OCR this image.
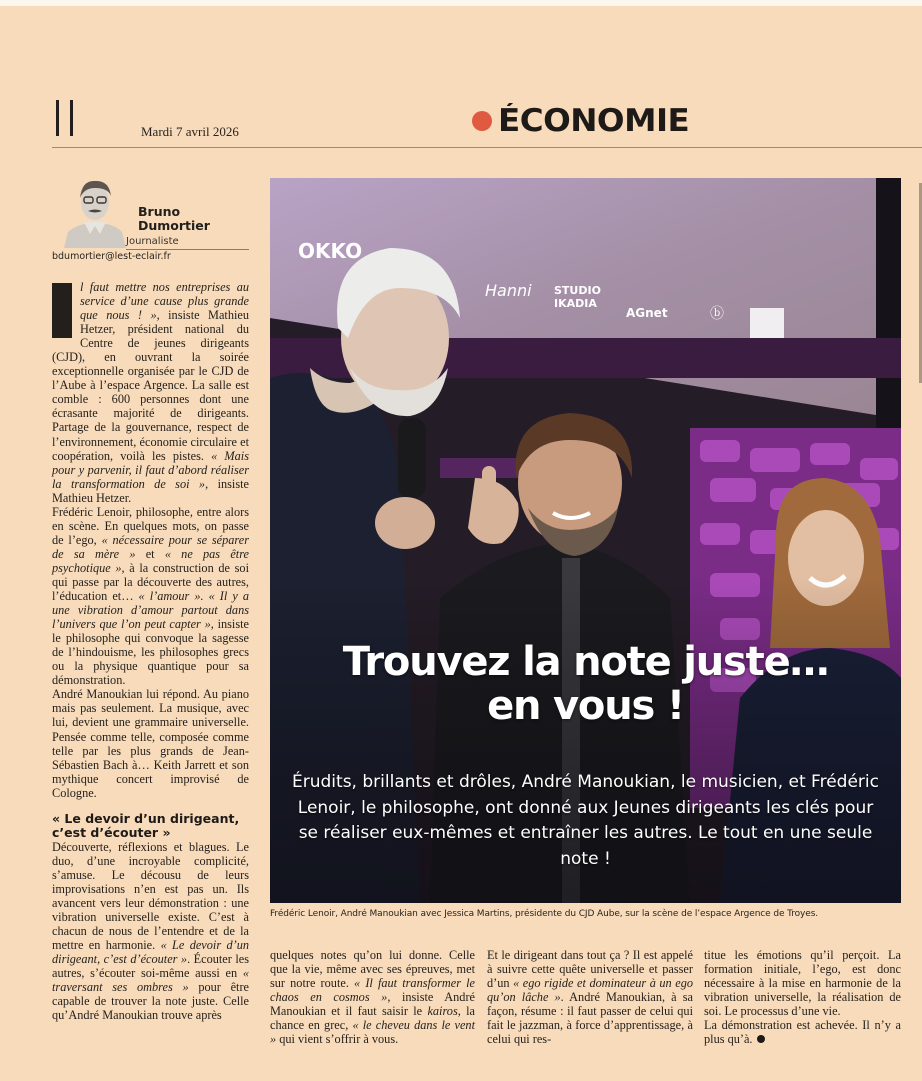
Mardi 7 avril 2026	ÉCONOMIE
Bruno
Dumortier
Journaliste
bdumortier@lest-eclair.fr

l faut mettre nos entreprises au service d’une cause plus grande que nous ! », insiste Mathieu Hetzer, président national du Centre de jeunes dirigeants (CJD), en ouvrant la soirée exceptionnelle organisée par le CJD de l’Aube à l’espace Argence. La salle est comble : 600 personnes dont une écrasante majorité de dirigeants. Partage de la gouvernance, respect de l’environnement, économie circulaire et coopération, voilà les pistes. « Mais pour y parvenir, il faut d’abord réaliser la transformation de soi », insiste Mathieu Hetzer.

Frédéric Lenoir, philosophe, entre alors en scène. En quelques mots, on passe de l’ego, « nécessaire pour se séparer de sa mère » et « ne pas être psychotique », à la construction de soi qui passe par la découverte des autres, l’éducation et… « l’amour ». « Il y a une vibration d’amour partout dans l’univers que l’on peut capter », insiste le philosophe qui convoque la sagesse de l’hindouisme, les philosophes grecs ou la physique quantique pour sa démonstration.

André Manoukian lui répond. Au piano mais pas seulement. La musique, avec lui, devient une grammaire universelle. Pensée comme telle, composée comme telle par les plus grands de Jean-Sébastien Bach à… Keith Jarrett et son mythique concert improvisé de Cologne.

« Le devoir d’un dirigeant, c’est d’écouter »

Découverte, réflexions et blagues. Le duo, d’une incroyable complicité, s’amuse. Le décousu de leurs improvisations n’en est pas un. Ils avancent vers leur démonstration : une vibration universelle existe. C’est à chacun de nous de l’entendre et de la mettre en harmonie. « Le devoir d’un dirigeant, c’est d’écouter ». Écouter les autres, s’écouter soi-même aussi en « traversant ses ombres » pour être capable de trouver la note juste. Celle qu’André Manoukian trouve après

Trouvez la note juste…
en vous !
Érudits, brillants et drôles, André Manoukian, le musicien, et Frédéric Lenoir, le philosophe, ont donné aux Jeunes dirigeants les clés pour se réaliser eux-mêmes et entraîner les autres. Le tout en une seule note !
Frédéric Lenoir, André Manoukian avec Jessica Martins, présidente du CJD Aube, sur la scène de l’espace Argence de Troyes.

quelques notes qu’on lui donne. Celle que la vie, même avec ses épreuves, met sur notre route. « Il faut transformer le chaos en cosmos », insiste André Manoukian et il faut saisir le kairos, la chance en grec, « le cheveu dans le vent » qui vient s’offrir à vous.

Et le dirigeant dans tout ça ? Il est appelé à suivre cette quête universelle et passer d’un « ego rigide et dominateur à un ego qu’on lâche ». André Manoukian, à sa façon, résume : il faut passer de celui qui fait le jazzman, à force d’apprentissage, à celui qui res-

titue les émotions qu’il perçoit. La formation initiale, l’ego, est donc nécessaire à la mise en harmonie de la vibration universelle, la réalisation de soi. Le processus d’une vie.

La démonstration est achevée. Il n’y a plus qu’à.
